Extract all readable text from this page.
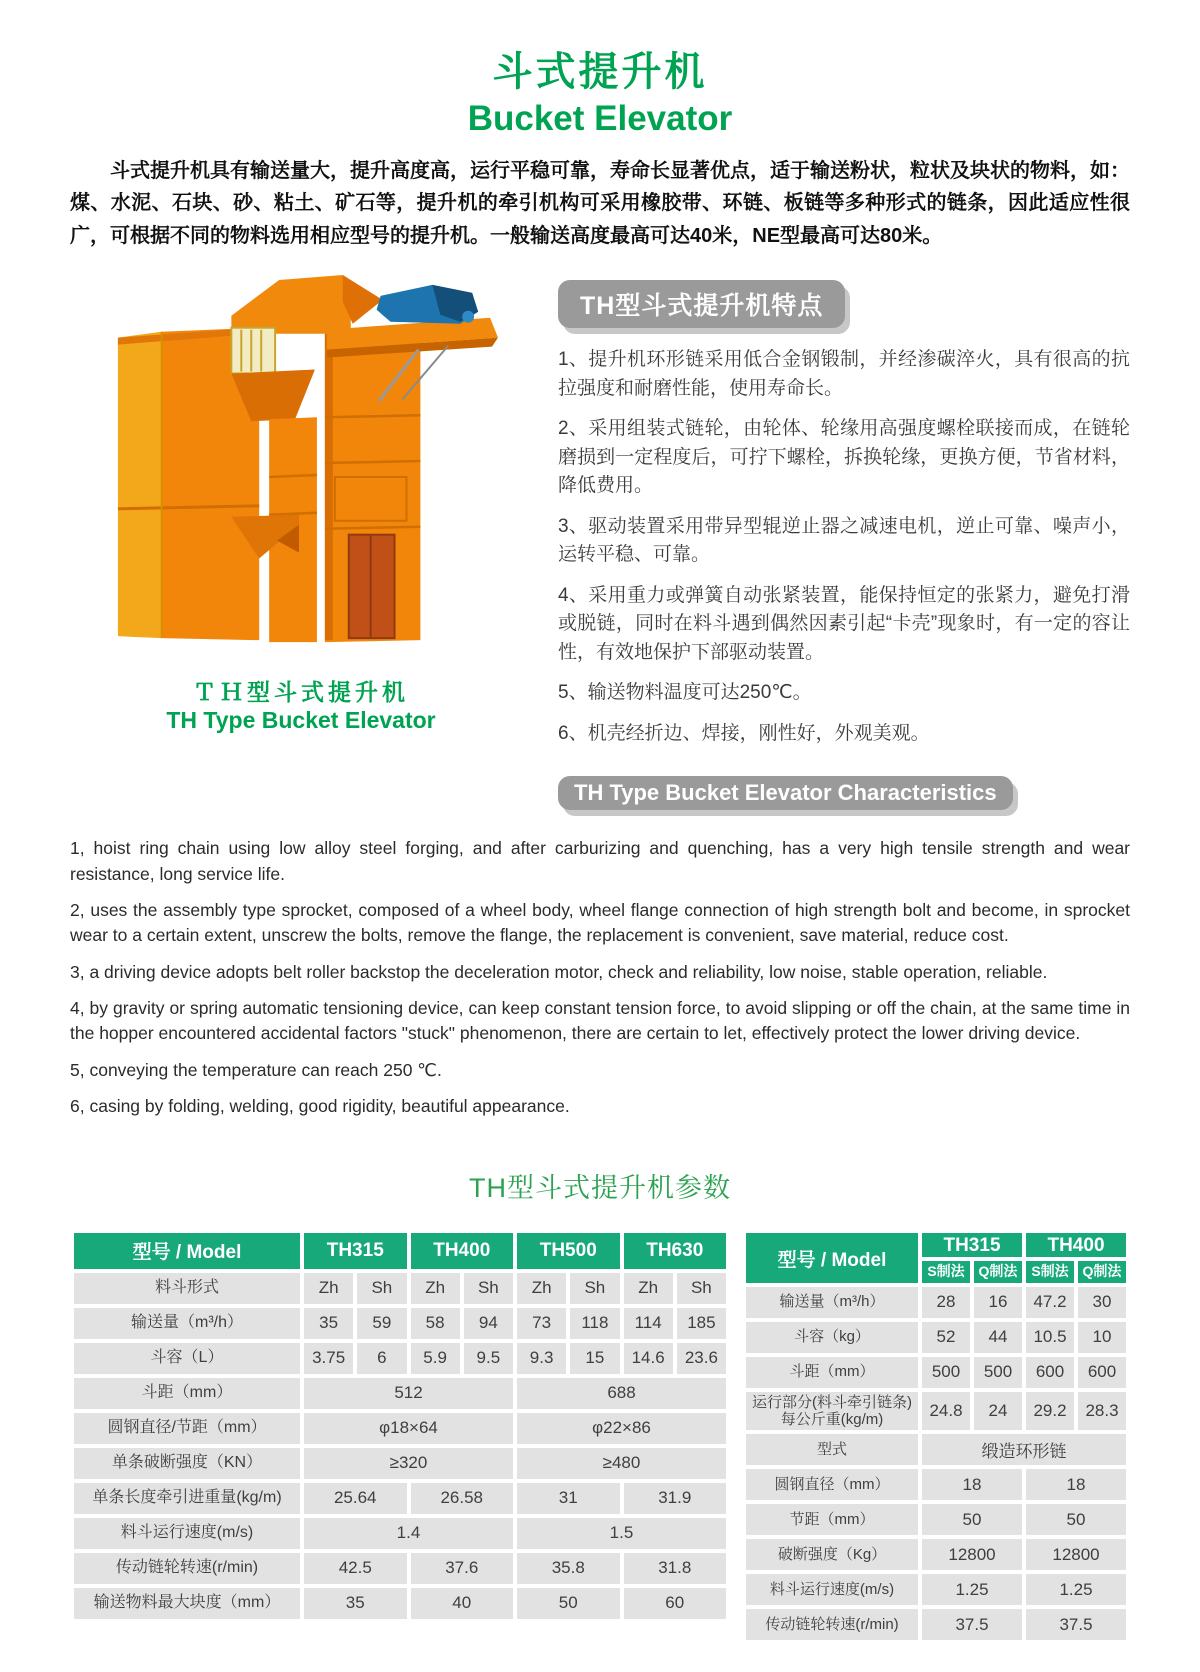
斗式提升机
Bucket Elevator

斗式提升机具有输送量大，提升高度高，运行平稳可靠，寿命长显著优点，适于输送粉状，粒状及块状的物料，如：煤、水泥、石块、砂、粘土、矿石等，提升机的牵引机构可采用橡胶带、环链、板链等多种形式的链条，因此适应性很广，可根据不同的物料选用相应型号的提升机。一般输送高度最高可达40米，NE型最高可达80米。

ＴＨ型斗式提升机
TH Type Bucket Elevator
TH型斗式提升机特点
1、提升机环形链采用低合金钢锻制，并经渗碳淬火，具有很高的抗拉强度和耐磨性能，使用寿命长。
2、采用组装式链轮，由轮体、轮缘用高强度螺栓联接而成，在链轮磨损到一定程度后，可拧下螺栓，拆换轮缘，更换方便，节省材料，降低费用。
3、驱动装置采用带异型辊逆止器之减速电机，逆止可靠、噪声小，运转平稳、可靠。
4、采用重力或弹簧自动张紧装置，能保持恒定的张紧力，避免打滑或脱链，同时在料斗遇到偶然因素引起“卡壳”现象时，有一定的容让性，有效地保护下部驱动装置。
5、输送物料温度可达250℃。
6、机壳经折边、焊接，刚性好，外观美观。
TH Type Bucket Elevator Characteristics
1, hoist ring chain using low alloy steel forging, and after carburizing and quenching, has a very high tensile strength and wear resistance, long service life.
2, uses the assembly type sprocket, composed of a wheel body, wheel flange connection of high strength bolt and become, in sprocket wear to a certain extent, unscrew the bolts, remove the flange, the replacement is convenient, save material, reduce cost.
3, a driving device adopts belt roller backstop the deceleration motor, check and reliability, low noise, stable operation, reliable.
4, by gravity or spring automatic tensioning device, can keep constant tension force, to avoid slipping or off the chain, at the same time in the hopper encountered accidental factors "stuck" phenomenon, there are certain to let, effectively protect the lower driving device.
5, conveying the temperature can reach 250 ℃.
6, casing by folding, welding, good rigidity, beautiful appearance.
TH型斗式提升机参数
型号 / Model	TH315		TH400		TH500		TH630	
料斗形式	Zh	Sh	Zh	Sh	Zh	Sh	Zh	Sh
输送量（m³/h）	35	59	58	94	73	118	114	185
斗容（L）	3.75	6	5.9	9.5	9.3	15	14.6	23.6
斗距（mm）	512				688			
圆钢直径/节距（mm）	φ18×64				φ22×86			
单条破断强度（KN）	≥320				≥480			
单条长度牵引进重量(kg/m)	25.64		26.58		31		31.9	
料斗运行速度(m/s)	1.4				1.5			
传动链轮转速(r/min)	42.5		37.6		35.8		31.8	
输送物料最大块度（mm）	35		40		50		60	
型号 / Model	TH315		TH400	
	S制法	Q制法	S制法	Q制法
输送量（m³/h）	28	16	47.2	30
斗容（kg）	52	44	10.5	10
斗距（mm）	500	500	600	600
运行部分(料斗牵引链条)每公斤重(kg/m)	24.8	24	29.2	28.3
型式	缎造环形链			
圆钢直径（mm）	18		18	
节距（mm）	50		50	
破断强度（Kg）	12800		12800	
料斗运行速度(m/s)	1.25		1.25	
传动链轮转速(r/min)	37.5		37.5	
